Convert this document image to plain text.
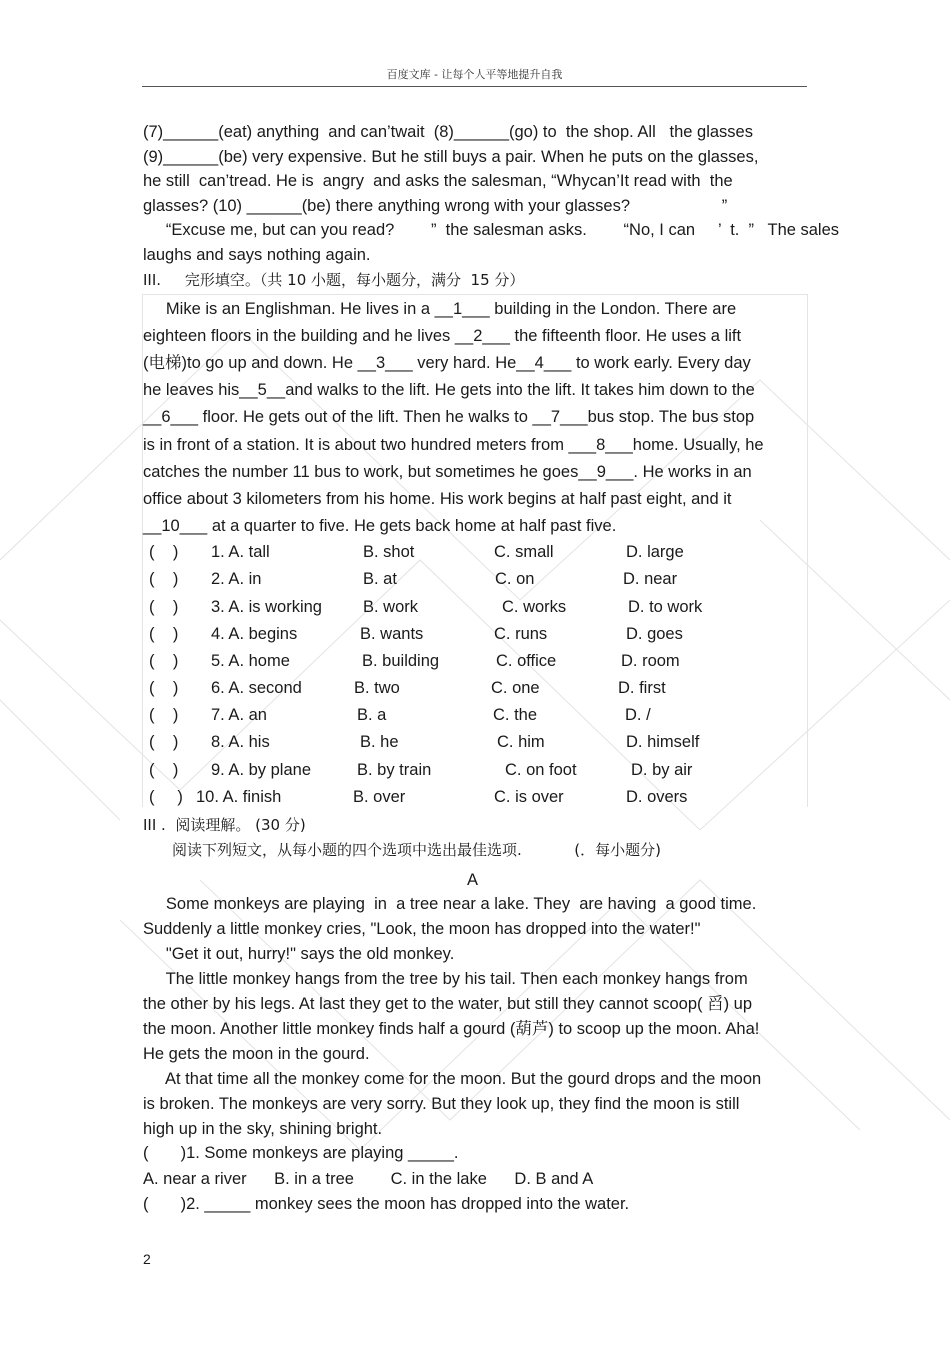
百度文库 - 让每个人平等地提升自我
(7)______(eat) anything  and can’twait  (8)______(go) to  the shop. All   the glasses
(9)______(be) very expensive. But he still buys a pair. When he puts on the glasses,
he still  can’tread. He is  angry  and asks the salesman, “Whycan’It read with  the
glasses? (10) ______(be) there anything wrong with your glasses?                    ”
“Excuse me, but can you read?        ”  the salesman asks.        “No, I can     ’  t.  ”   The sales
laughs and says nothing again.
III.     完形填空。（共 10 小题，每小题分，满分  15 分）
Mike is an Englishman. He lives in a __1___ building in the London. There are
eighteen floors in the building and he lives __2___ the fifteenth floor. He uses a lift
(电梯)to go up and down. He __3___ very hard. He__4___ to work early. Every day
he leaves his__5__and walks to the lift. He gets into the lift. It takes him down to the
__6___ floor. He gets out of the lift. Then he walks to __7___bus stop. The bus stop
is in front of a station. It is about two hundred meters from ___8___home. Usually, he
catches the number 11 bus to work, but sometimes he goes__9___. He works in an
office about 3 kilometers from his home. His work begins at half past eight, and it
__10___ at a quarter to five. He gets back home at half past five.
(    ) 1. A. tall	B. shot	C. small	D. large
(    ) 2. A. in	B. at	C. on	D. near
(    ) 3. A. is working B. work	C. works	D. to work
(    ) 4. A. begins	B. wants	C. runs	D. goes
(    ) 5. A. home	B. building	C. office	D. room
(    ) 6. A. second	B. two	C. one	D. first
(    ) 7. A. an	B. a	C. the	D. /
(    ) 8. A. his	B. he	C. him	D. himself
(    ) 9. A. by plane	B. by train	C. on foot	D. by air
(     ) 10. A. finish	B. over	C. is over	D. overs
III .  阅读理解。 (30 分)
阅读下列短文，从每小题的四个选项中选出最佳选项.           (．每小题分)
A
Some monkeys are playing  in  a tree near a lake. They  are having  a good time.
Suddenly a little monkey cries, "Look, the moon has dropped into the water!"
"Get it out, hurry!" says the old monkey.
The little monkey hangs from the tree by his tail. Then each monkey hangs from
the other by his legs. At last they get to the water, but still they cannot scoop( 舀) up
the moon. Another little monkey finds half a gourd (葫芦) to scoop up the moon. Aha!
He gets the moon in the gourd.
At that time all the monkey come for the moon. But the gourd drops and the moon
is broken. The monkeys are very sorry. But they look up, they find the moon is still
high up in the sky, shining bright.
(       )1. Some monkeys are playing _____.
A. near a river      B. in a tree        C. in the lake      D. B and A
(       )2. _____ monkey sees the moon has dropped into the water.
2
